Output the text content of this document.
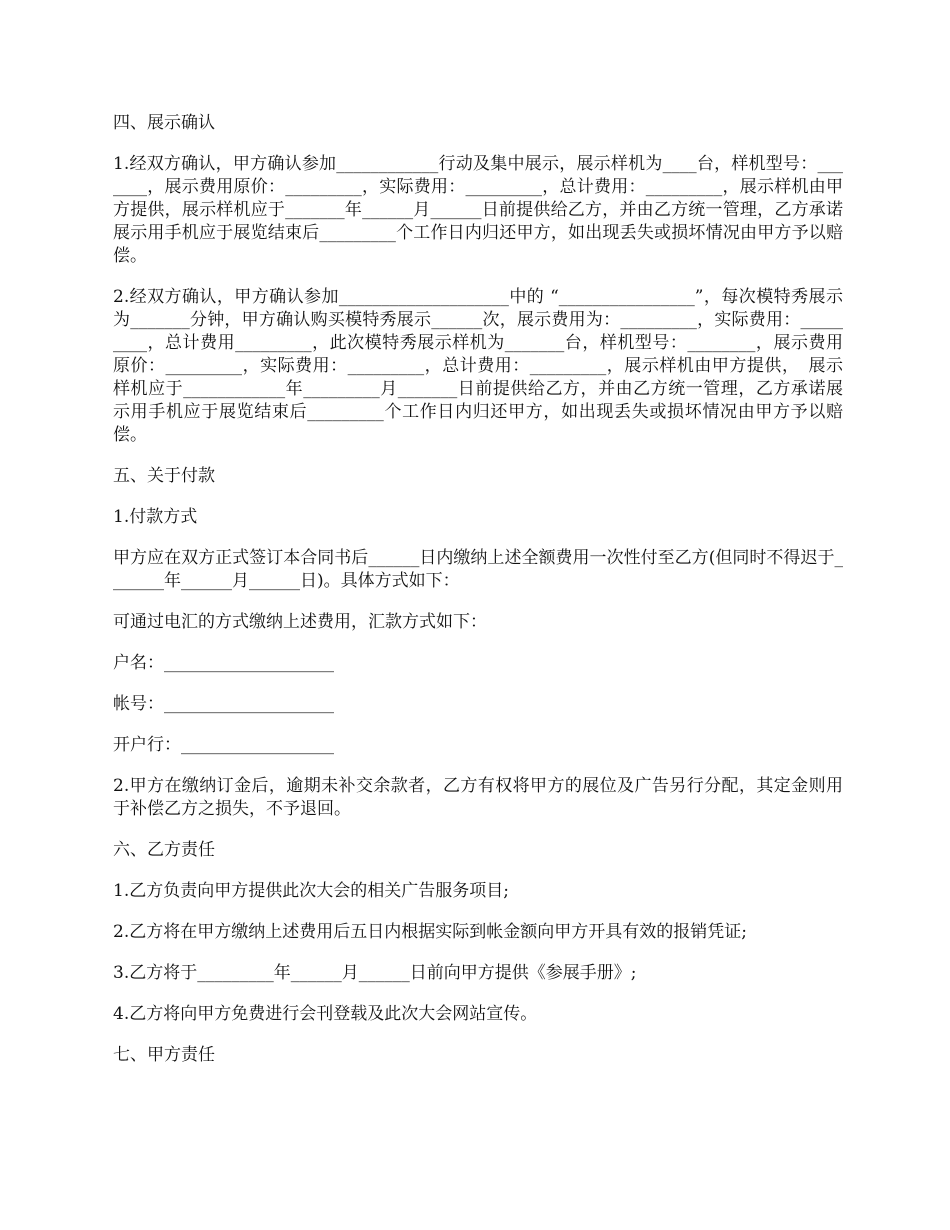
四、展示确认

1.经双方确认，甲方确认参加____________行动及集中展示，展示样机为____台，样机型号：_______，展示费用原价：_________，实际费用：_________，总计费用：_________，展示样机由甲方提供，展示样机应于_______年______月______日前提供给乙方，并由乙方统一管理，乙方承诺展示用手机应于展览结束后_________个工作日内归还甲方，如出现丢失或损坏情况由甲方予以赔偿。

2.经双方确认，甲方确认参加____________________中的 “________________”，每次模特秀展示为_______分钟，甲方确认购买模特秀展示______次，展示费用为：_________，实际费用：_________，总计费用_________，此次模特秀展示样机为_______台，样机型号：________，展示费用原价：_________，实际费用：_________，总计费用：_________，展示样机由甲方提供，　展示样机应于____________年_________月_______日前提供给乙方，并由乙方统一管理，乙方承诺展示用手机应于展览结束后_________个工作日内归还甲方，如出现丢失或损坏情况由甲方予以赔偿。

五、关于付款

1.付款方式

甲方应在双方正式签订本合同书后______日内缴纳上述全额费用一次性付至乙方(但同时不得迟于_______年______月______日)。具体方式如下：

可通过电汇的方式缴纳上述费用，汇款方式如下：

户名：____________________

帐号：____________________

开户行：__________________

2.甲方在缴纳订金后，逾期未补交余款者，乙方有权将甲方的展位及广告另行分配，其定金则用于补偿乙方之损失，不予退回。

六、乙方责任

1.乙方负责向甲方提供此次大会的相关广告服务项目;

2.乙方将在甲方缴纳上述费用后五日内根据实际到帐金额向甲方开具有效的报销凭证;

3.乙方将于_________年______月______日前向甲方提供《参展手册》;

4.乙方将向甲方免费进行会刊登载及此次大会网站宣传。

七、甲方责任
